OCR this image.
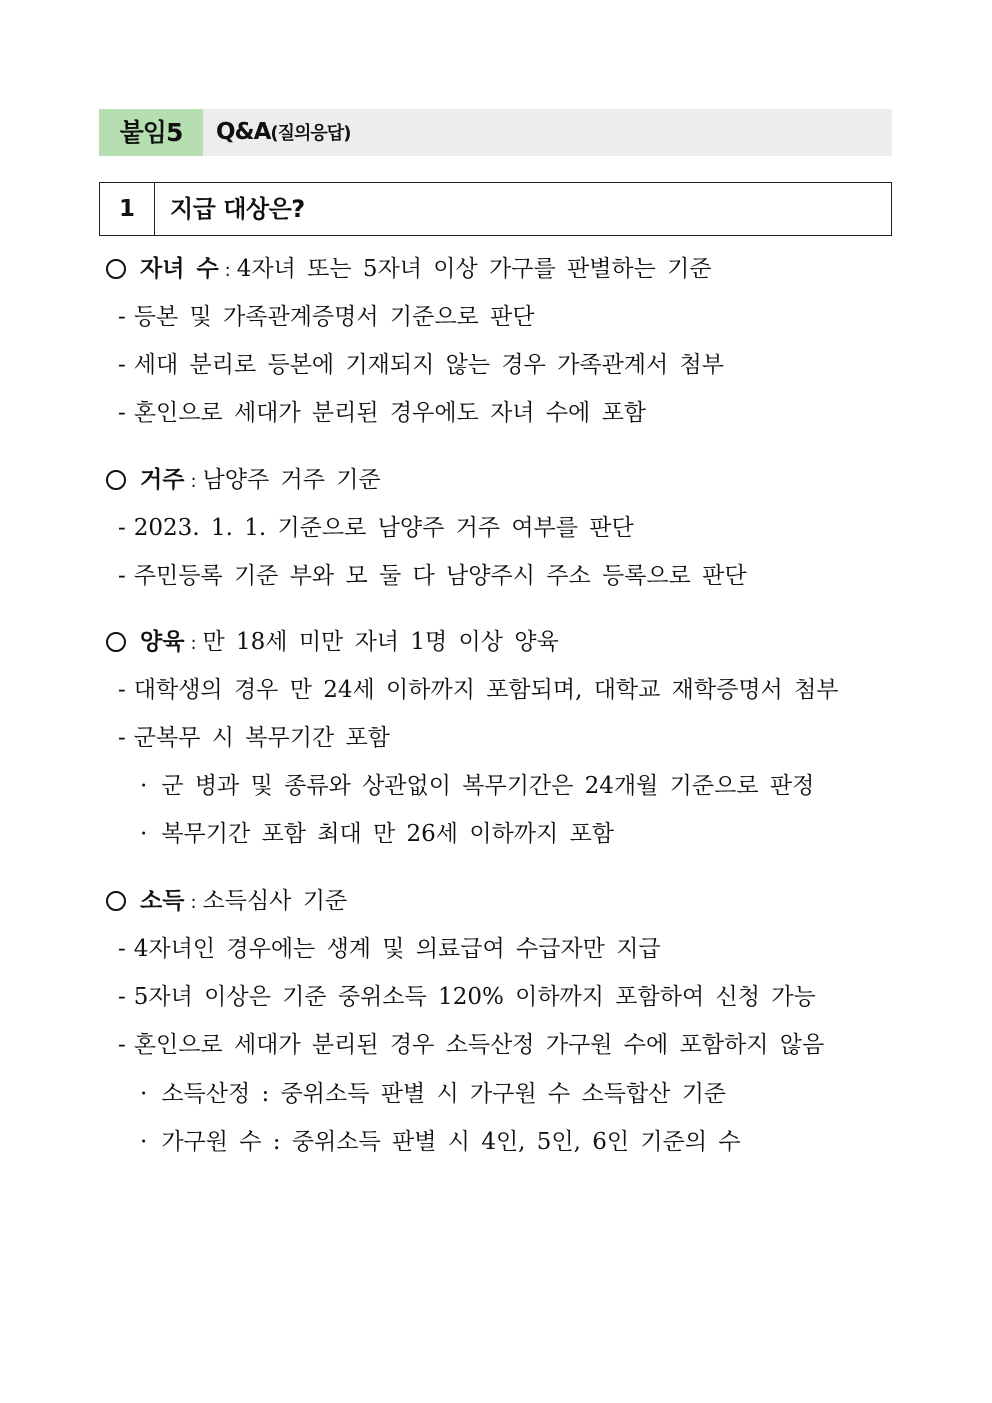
붙임5	Q&A(질의응답)
1	지급 대상은?
자녀 수 : 4자녀 또는 5자녀 이상 가구를 판별하는 기준
- 등본 및 가족관계증명서 기준으로 판단
- 세대 분리로 등본에 기재되지 않는 경우 가족관계서 첨부
- 혼인으로 세대가 분리된 경우에도 자녀 수에 포함
거주 : 남양주 거주 기준
- 2023. 1. 1. 기준으로 남양주 거주 여부를 판단
- 주민등록 기준 부와 모 둘 다 남양주시 주소 등록으로 판단
양육 : 만 18세 미만 자녀 1명 이상 양육
- 대학생의 경우 만 24세 이하까지 포함되며, 대학교 재학증명서 첨부
- 군복무 시 복무기간 포함
· 군 병과 및 종류와 상관없이 복무기간은 24개월 기준으로 판정
· 복무기간 포함 최대 만 26세 이하까지 포함
소득 : 소득심사 기준
- 4자녀인 경우에는 생계 및 의료급여 수급자만 지급
- 5자녀 이상은 기준 중위소득 120% 이하까지 포함하여 신청 가능
- 혼인으로 세대가 분리된 경우 소득산정 가구원 수에 포함하지 않음
· 소득산정 : 중위소득 판별 시 가구원 수 소득합산 기준
· 가구원 수 : 중위소득 판별 시 4인, 5인, 6인 기준의 수
